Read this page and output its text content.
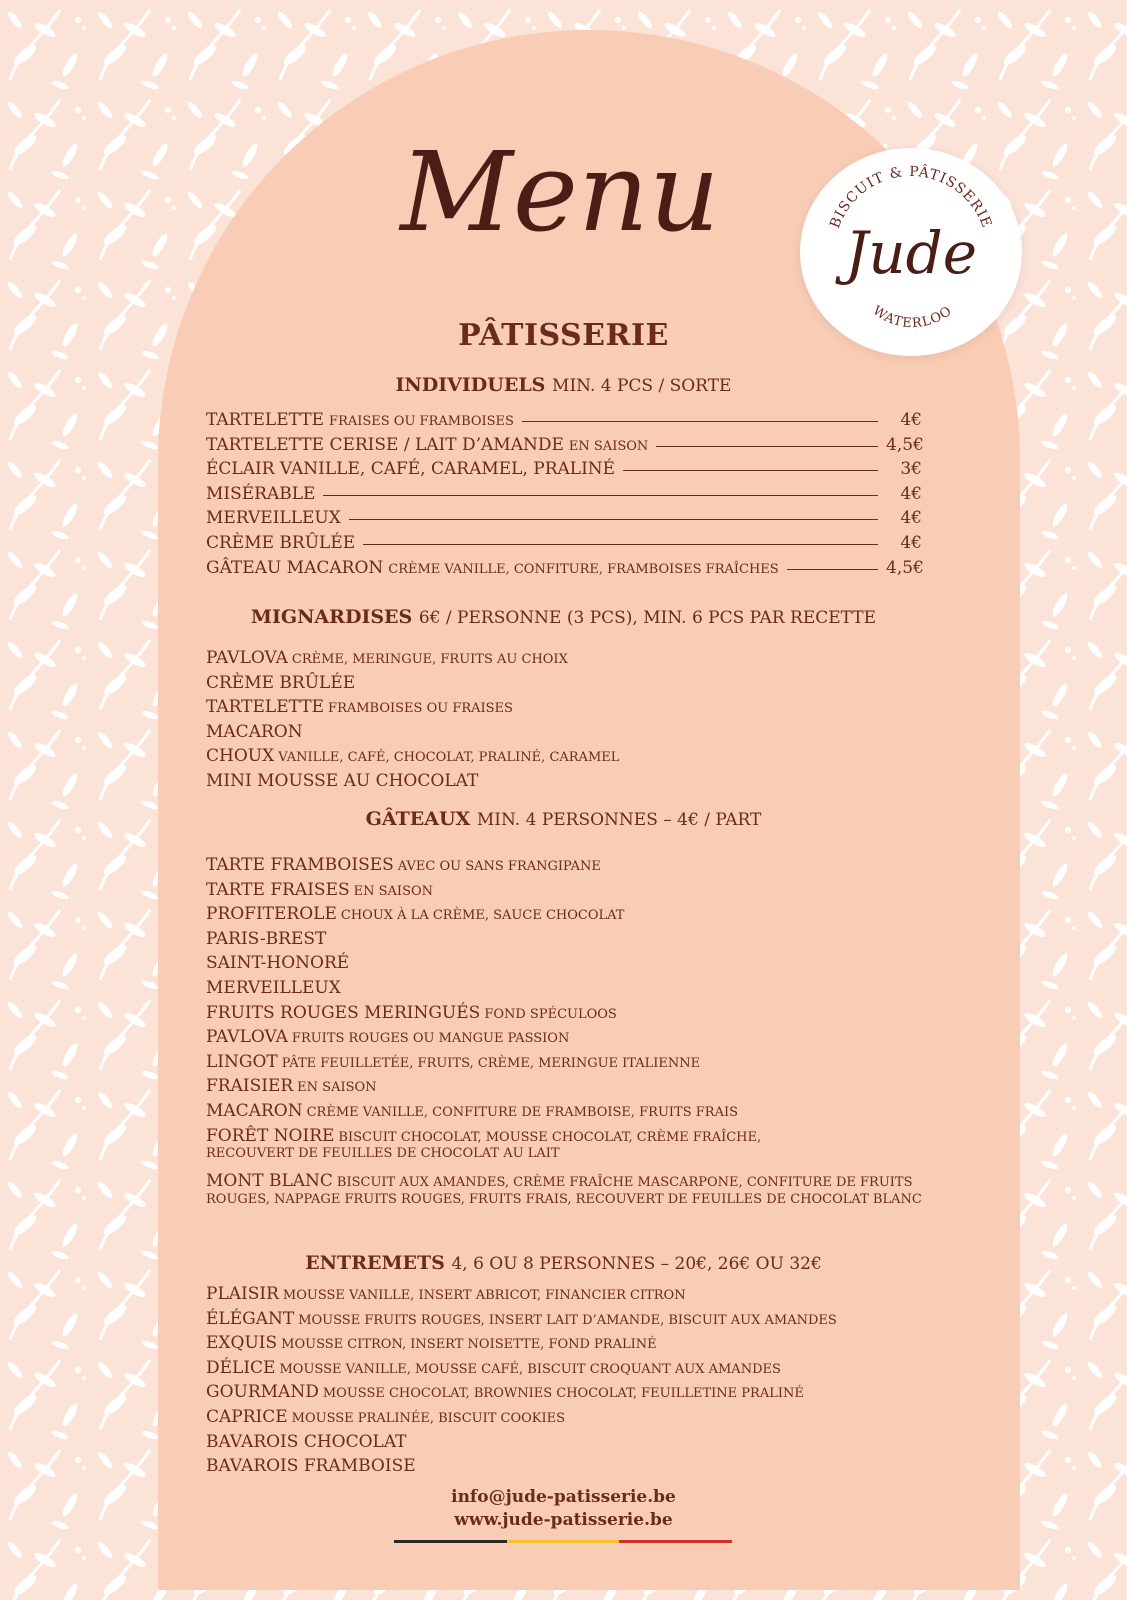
Menu	BISCUIT & PÂTISSERIE
Jude
WATERLOO
PÂTISSERIE
INDIVIDUELS MIN. 4 PCS / SORTE
TARTELETTE FRAISES OU FRAMBOISES	4€
TARTELETTE CERISE / LAIT D’AMANDE EN SAISON	4,5€
ÉCLAIR VANILLE, CAFÉ, CARAMEL, PRALINÉ	3€
MISÉRABLE	4€
MERVEILLEUX	4€
CRÈME BRÛLÉE	4€
GÂTEAU MACARON CRÈME VANILLE, CONFITURE, FRAMBOISES FRAÎCHES	4,5€
MIGNARDISES 6€ / PERSONNE (3 PCS), MIN. 6 PCS PAR RECETTE
PAVLOVA CRÈME, MERINGUE, FRUITS AU CHOIX
CRÈME BRÛLÉE
TARTELETTE FRAMBOISES OU FRAISES
MACARON
CHOUX VANILLE, CAFÉ, CHOCOLAT, PRALINÉ, CARAMEL
MINI MOUSSE AU CHOCOLAT
GÂTEAUX MIN. 4 PERSONNES – 4€ / PART
TARTE FRAMBOISES AVEC OU SANS FRANGIPANE
TARTE FRAISES EN SAISON
PROFITEROLE CHOUX À LA CRÈME, SAUCE CHOCOLAT
PARIS-BREST
SAINT-HONORÉ
MERVEILLEUX
FRUITS ROUGES MERINGUÉS FOND SPÉCULOOS
PAVLOVA FRUITS ROUGES OU MANGUE PASSION
LINGOT PÂTE FEUILLETÉE, FRUITS, CRÈME, MERINGUE ITALIENNE
FRAISIER EN SAISON
MACARON CRÈME VANILLE, CONFITURE DE FRAMBOISE, FRUITS FRAIS
FORÊT NOIRE BISCUIT CHOCOLAT, MOUSSE CHOCOLAT, CRÈME FRAÎCHE,
RECOUVERT DE FEUILLES DE CHOCOLAT AU LAIT
MONT BLANC BISCUIT AUX AMANDES, CRÈME FRAÎCHE MASCARPONE, CONFITURE DE FRUITS
ROUGES, NAPPAGE FRUITS ROUGES, FRUITS FRAIS, RECOUVERT DE FEUILLES DE CHOCOLAT BLANC
ENTREMETS 4, 6 OU 8 PERSONNES – 20€, 26€ OU 32€
PLAISIR MOUSSE VANILLE, INSERT ABRICOT, FINANCIER CITRON
ÉLÉGANT MOUSSE FRUITS ROUGES, INSERT LAIT D’AMANDE, BISCUIT AUX AMANDES
EXQUIS MOUSSE CITRON, INSERT NOISETTE, FOND PRALINÉ
DÉLICE MOUSSE VANILLE, MOUSSE CAFÉ, BISCUIT CROQUANT AUX AMANDES
GOURMAND MOUSSE CHOCOLAT, BROWNIES CHOCOLAT, FEUILLETINE PRALINÉ
CAPRICE MOUSSE PRALINÉE, BISCUIT COOKIES
BAVAROIS CHOCOLAT
BAVAROIS FRAMBOISE
info@jude-patisserie.be
www.jude-patisserie.be
